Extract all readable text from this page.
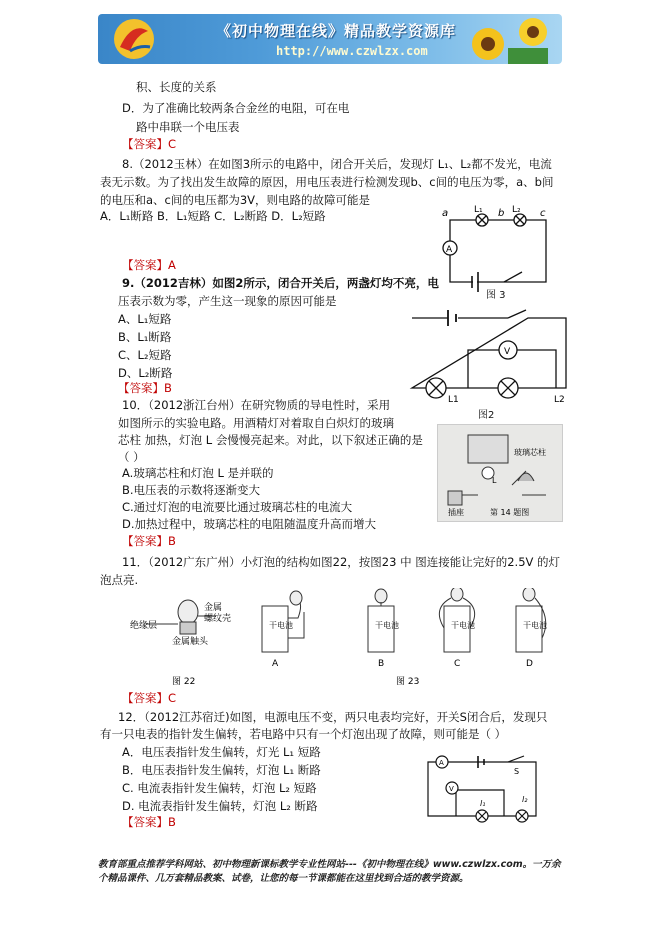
《初中物理在线》精品教学资源库
http://www.czwlzx.com
积、长度的关系
D．为了准确比较两条合金丝的电阻，可在电
路中串联一个电压表
【答案】C
8.（2012玉林）在如图3所示的电路中，闭合开关后，发现灯 L₁、L₂都不发光，电流
表无示数。为了找出发生故障的原因，用电压表进行检测发现b、c间的电压为零，a、b间
的电压和a、c间的电压都为3V，则电路的故障可能是
A．L₁断路 B．L₁短路 C．L₂断路 D．L₂短路	a	L₁ b L₂ c
A
图 3
【答案】A
9.（2012吉林）如图2所示，闭合开关后，两盏灯均不亮，电
压表示数为零，产生这一现象的原因可能是
A、L₁短路
B、L₁断路
C、L₂短路
D、L₂断路
【答案】B
V
L1	L2
图2
10．（2012浙江台州）在研究物质的导电性时，采用
如图所示的实验电路。用酒精灯对着取自白炽灯的玻璃
芯柱 加热，灯泡 L 会慢慢亮起来。对此，以下叙述正确的是
（ ）
A.玻璃芯柱和灯泡 L 是并联的
B.电压表的示数将逐渐变大
C.通过灯泡的电流要比通过玻璃芯柱的电流大
D.加热过程中，玻璃芯柱的电阻随温度升高而增大
【答案】B
玻璃芯柱
L
插座	第 14 题图
11．（2012广东广州）小灯泡的结构如图22，按图23 中 图连接能让完好的2.5V 的灯
泡点亮.
金属
螺纹壳
绝缘层
金属触头
图 22
干电池	干电池	干电池	干电池
A	B	C	D
图 23
【答案】C
12．（2012江苏宿迁)如图，电源电压不变，两只电表均完好，开关S闭合后，发现只
有一只电表的指针发生偏转，若电路中只有一个灯泡出现了故障，则可能是（ ）
A．电压表指针发生偏转，灯光 L₁ 短路
B．电压表指针发生偏转，灯泡 L₁ 断路
C. 电流表指针发生偏转，灯泡 L₂ 短路
D. 电流表指针发生偏转，灯泡 L₂ 断路
【答案】B
A
S
V
l₁	l₂
教育部重点推荐学科网站、初中物理新课标教学专业性网站---《初中物理在线》www.czwlzx.com。一万余
个精品课件、几万套精品教案、试卷，让您的每一节课都能在这里找到合适的教学资源。
